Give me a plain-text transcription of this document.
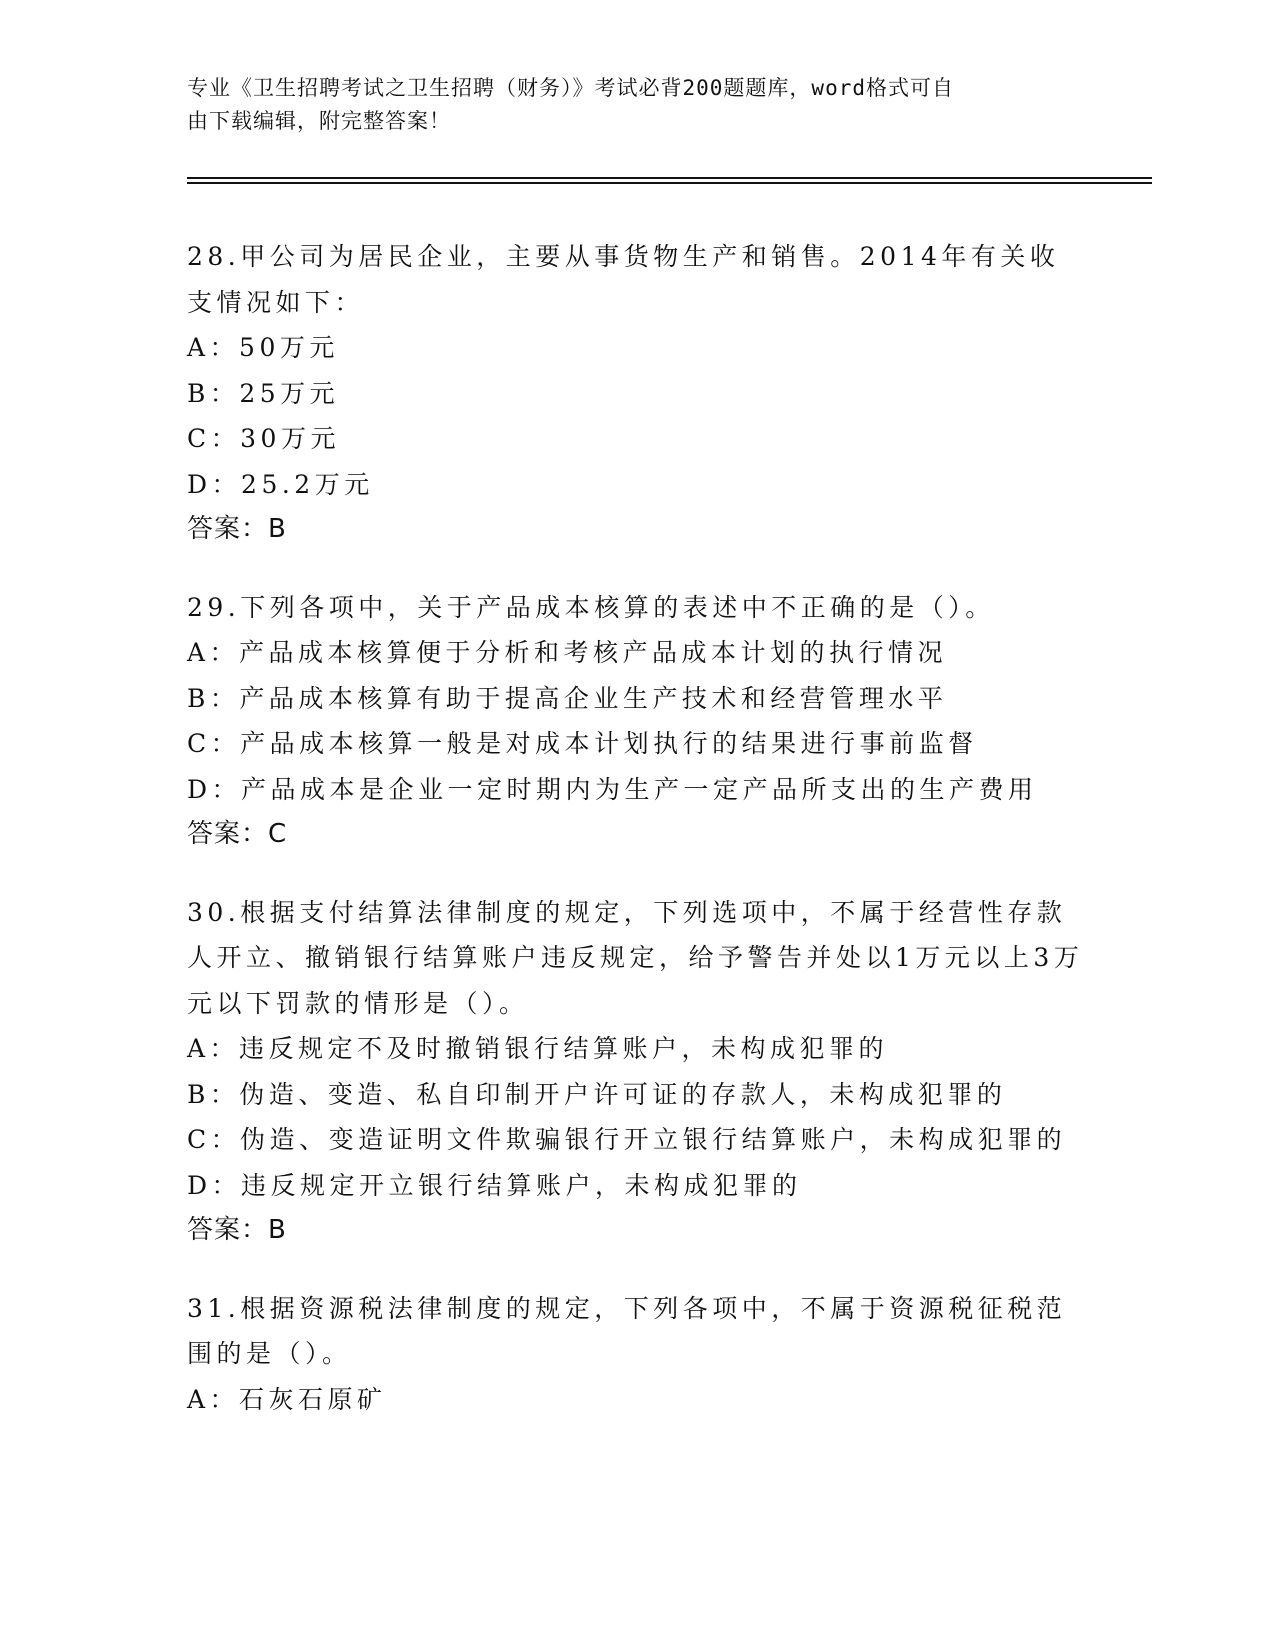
专业《卫生招聘考试之卫生招聘（财务）》考试必背200题题库，word格式可自
由下载编辑，附完整答案！
28.甲公司为居民企业，主要从事货物生产和销售。2014年有关收支情况如下：
A：50万元
B：25万元
C：30万元
D：25.2万元
答案：B
29.下列各项中，关于产品成本核算的表述中不正确的是（）。
A：产品成本核算便于分析和考核产品成本计划的执行情况
B：产品成本核算有助于提高企业生产技术和经营管理水平
C：产品成本核算一般是对成本计划执行的结果进行事前监督
D：产品成本是企业一定时期内为生产一定产品所支出的生产费用
答案：C
30.根据支付结算法律制度的规定，下列选项中，不属于经营性存款人开立、撤销银行结算账户违反规定，给予警告并处以1万元以上3万元以下罚款的情形是（）。
A：违反规定不及时撤销银行结算账户，未构成犯罪的
B：伪造、变造、私自印制开户许可证的存款人，未构成犯罪的
C：伪造、变造证明文件欺骗银行开立银行结算账户，未构成犯罪的
D：违反规定开立银行结算账户，未构成犯罪的
答案：B
31.根据资源税法律制度的规定，下列各项中，不属于资源税征税范围的是（）。
A：石灰石原矿
